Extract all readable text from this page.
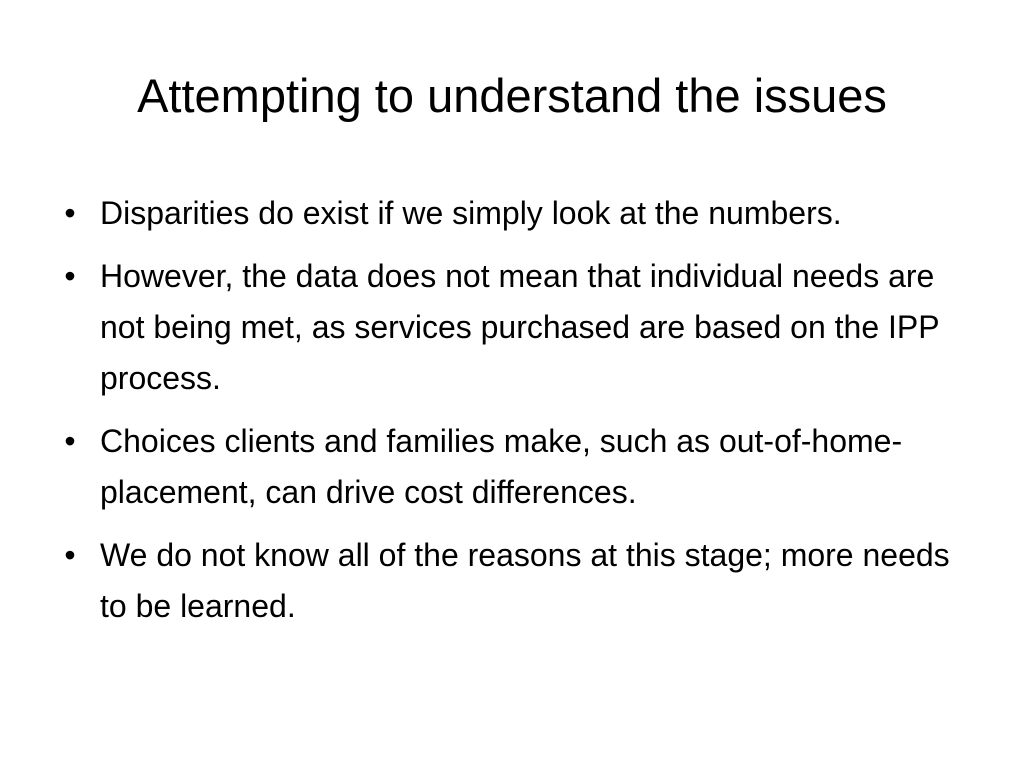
Attempting to understand the issues
• Disparities do exist if we simply look at the numbers.
• However, the data does not mean that individual needs are not being met, as services purchased are based on the IPP process.
• Choices clients and families make, such as out-of-home-placement, can drive cost differences.
• We do not know all of the reasons at this stage; more needs to be learned.
